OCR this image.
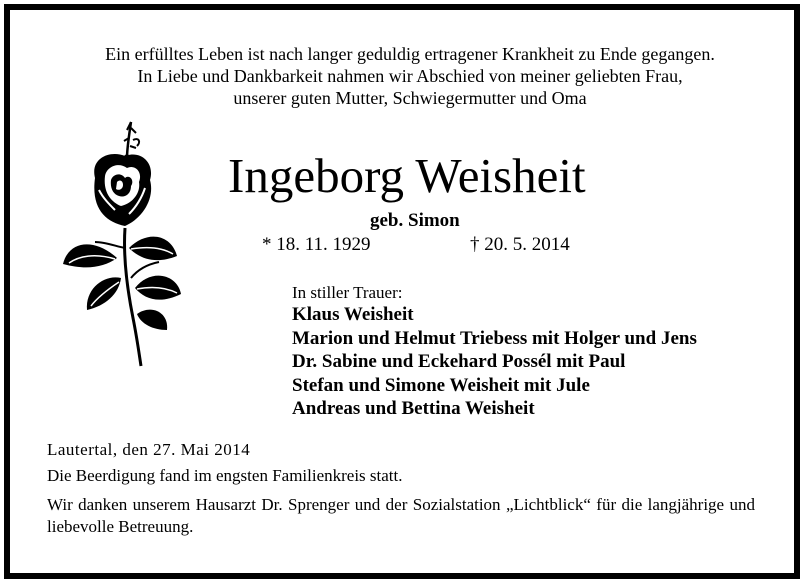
Ein erfülltes Leben ist nach langer geduldig ertragener Krankheit zu Ende gegangen.
In Liebe und Dankbarkeit nahmen wir Abschied von meiner geliebten Frau,
unserer guten Mutter, Schwiegermutter und Oma
Ingeborg Weisheit
geb. Simon
* 18. 11. 1929	† 20. 5. 2014
In stiller Trauer:
Klaus Weisheit
Marion und Helmut Triebess mit Holger und Jens
Dr. Sabine und Eckehard Possél mit Paul
Stefan und Simone Weisheit mit Jule
Andreas und Bettina Weisheit
Lautertal, den 27. Mai 2014
Die Beerdigung fand im engsten Familienkreis statt.
Wir danken unserem Hausarzt Dr. Sprenger und der Sozialstation „Lichtblick“ für die langjährige und liebevolle Betreuung.
